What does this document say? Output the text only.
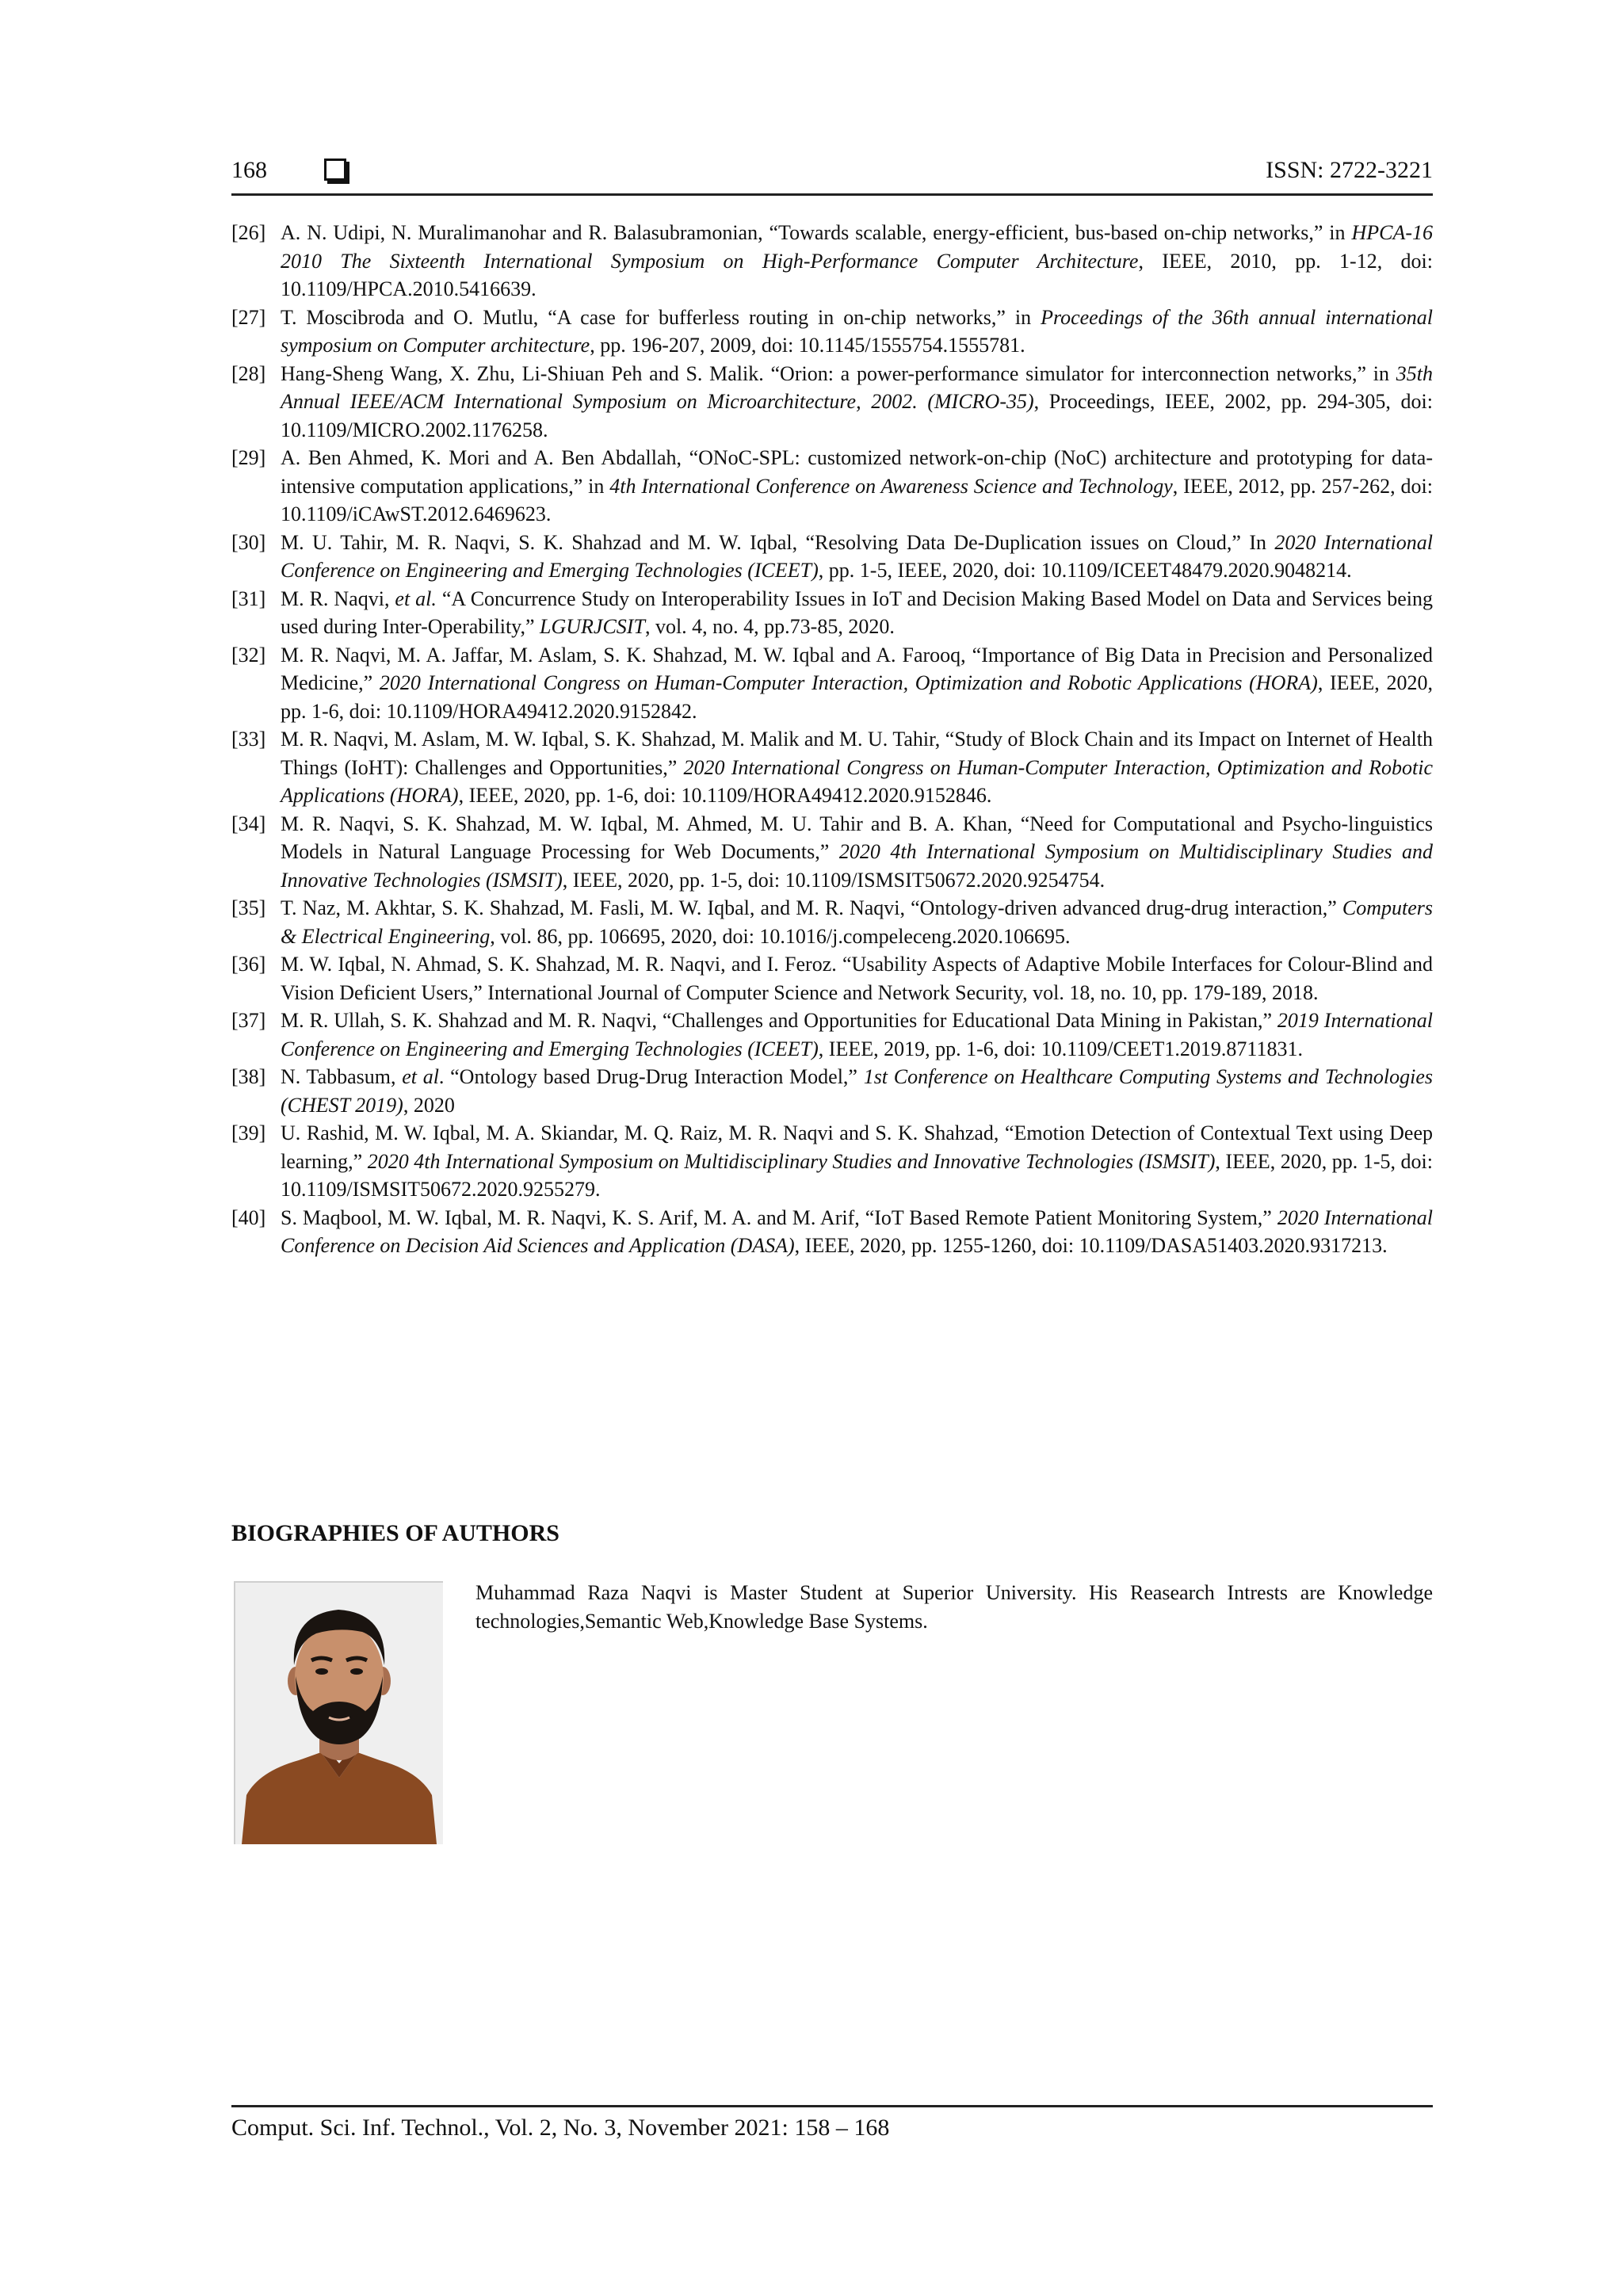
168	ISSN: 2722-3221
[26] A. N. Udipi, N. Muralimanohar and R. Balasubramonian, “Towards scalable, energy-efficient, bus-based on-chip networks,” in HPCA-16 2010 The Sixteenth International Symposium on High-Performance Computer Architecture, IEEE, 2010, pp. 1-12, doi: 10.1109/HPCA.2010.5416639.
[27] T. Moscibroda and O. Mutlu, “A case for bufferless routing in on-chip networks,” in Proceedings of the 36th annual international symposium on Computer architecture, pp. 196-207, 2009, doi: 10.1145/1555754.1555781.
[28] Hang-Sheng Wang, X. Zhu, Li-Shiuan Peh and S. Malik. “Orion: a power-performance simulator for interconnection networks,” in 35th Annual IEEE/ACM International Symposium on Microarchitecture, 2002. (MICRO-35), Proceedings, IEEE, 2002, pp. 294-305, doi: 10.1109/MICRO.2002.1176258.
[29] A. Ben Ahmed, K. Mori and A. Ben Abdallah, “ONoC-SPL: customized network-on-chip (NoC) architecture and prototyping for data-intensive computation applications,” in 4th International Conference on Awareness Science and Technology, IEEE, 2012, pp. 257-262, doi: 10.1109/iCAwST.2012.6469623.
[30] M. U. Tahir, M. R. Naqvi, S. K. Shahzad and M. W. Iqbal, “Resolving Data De-Duplication issues on Cloud,” In 2020 International Conference on Engineering and Emerging Technologies (ICEET), pp. 1-5, IEEE, 2020, doi: 10.1109/ICEET48479.2020.9048214.
[31] M. R. Naqvi, et al. “A Concurrence Study on Interoperability Issues in IoT and Decision Making Based Model on Data and Services being used during Inter-Operability,” LGURJCSIT, vol. 4, no. 4, pp.73-85, 2020.
[32] M. R. Naqvi, M. A. Jaffar, M. Aslam, S. K. Shahzad, M. W. Iqbal and A. Farooq, “Importance of Big Data in Precision and Personalized Medicine,” 2020 International Congress on Human-Computer Interaction, Optimization and Robotic Applications (HORA), IEEE, 2020, pp. 1-6, doi: 10.1109/HORA49412.2020.9152842.
[33] M. R. Naqvi, M. Aslam, M. W. Iqbal, S. K. Shahzad, M. Malik and M. U. Tahir, “Study of Block Chain and its Impact on Internet of Health Things (IoHT): Challenges and Opportunities,” 2020 International Congress on Human-Computer Interaction, Optimization and Robotic Applications (HORA), IEEE, 2020, pp. 1-6, doi: 10.1109/HORA49412.2020.9152846.
[34] M. R. Naqvi, S. K. Shahzad, M. W. Iqbal, M. Ahmed, M. U. Tahir and B. A. Khan, “Need for Computational and Psycho-linguistics Models in Natural Language Processing for Web Documents,” 2020 4th International Symposium on Multidisciplinary Studies and Innovative Technologies (ISMSIT), IEEE, 2020, pp. 1-5, doi: 10.1109/ISMSIT50672.2020.9254754.
[35] T. Naz, M. Akhtar, S. K. Shahzad, M. Fasli, M. W. Iqbal, and M. R. Naqvi, “Ontology-driven advanced drug-drug interaction,” Computers & Electrical Engineering, vol. 86, pp. 106695, 2020, doi: 10.1016/j.compeleceng.2020.106695.
[36] M. W. Iqbal, N. Ahmad, S. K. Shahzad, M. R. Naqvi, and I. Feroz. “Usability Aspects of Adaptive Mobile Interfaces for Colour-Blind and Vision Deficient Users,” International Journal of Computer Science and Network Security, vol. 18, no. 10, pp. 179-189, 2018.
[37] M. R. Ullah, S. K. Shahzad and M. R. Naqvi, “Challenges and Opportunities for Educational Data Mining in Pakistan,” 2019 International Conference on Engineering and Emerging Technologies (ICEET), IEEE, 2019, pp. 1-6, doi: 10.1109/CEET1.2019.8711831.
[38] N. Tabbasum, et al. “Ontology based Drug-Drug Interaction Model,” 1st Conference on Healthcare Computing Systems and Technologies (CHEST 2019), 2020
[39] U. Rashid, M. W. Iqbal, M. A. Skiandar, M. Q. Raiz, M. R. Naqvi and S. K. Shahzad, “Emotion Detection of Contextual Text using Deep learning,” 2020 4th International Symposium on Multidisciplinary Studies and Innovative Technologies (ISMSIT), IEEE, 2020, pp. 1-5, doi: 10.1109/ISMSIT50672.2020.9255279.
[40] S. Maqbool, M. W. Iqbal, M. R. Naqvi, K. S. Arif, M. A. and M. Arif, “IoT Based Remote Patient Monitoring System,” 2020 International Conference on Decision Aid Sciences and Application (DASA), IEEE, 2020, pp. 1255-1260, doi: 10.1109/DASA51403.2020.9317213.
BIOGRAPHIES OF AUTHORS

Muhammad Raza Naqvi is Master Student at Superior University. His Reasearch Intrests are Knowledge technologies,Semantic Web,Knowledge Base Systems.

Comput. Sci. Inf. Technol., Vol. 2, No. 3, November 2021: 158 – 168
